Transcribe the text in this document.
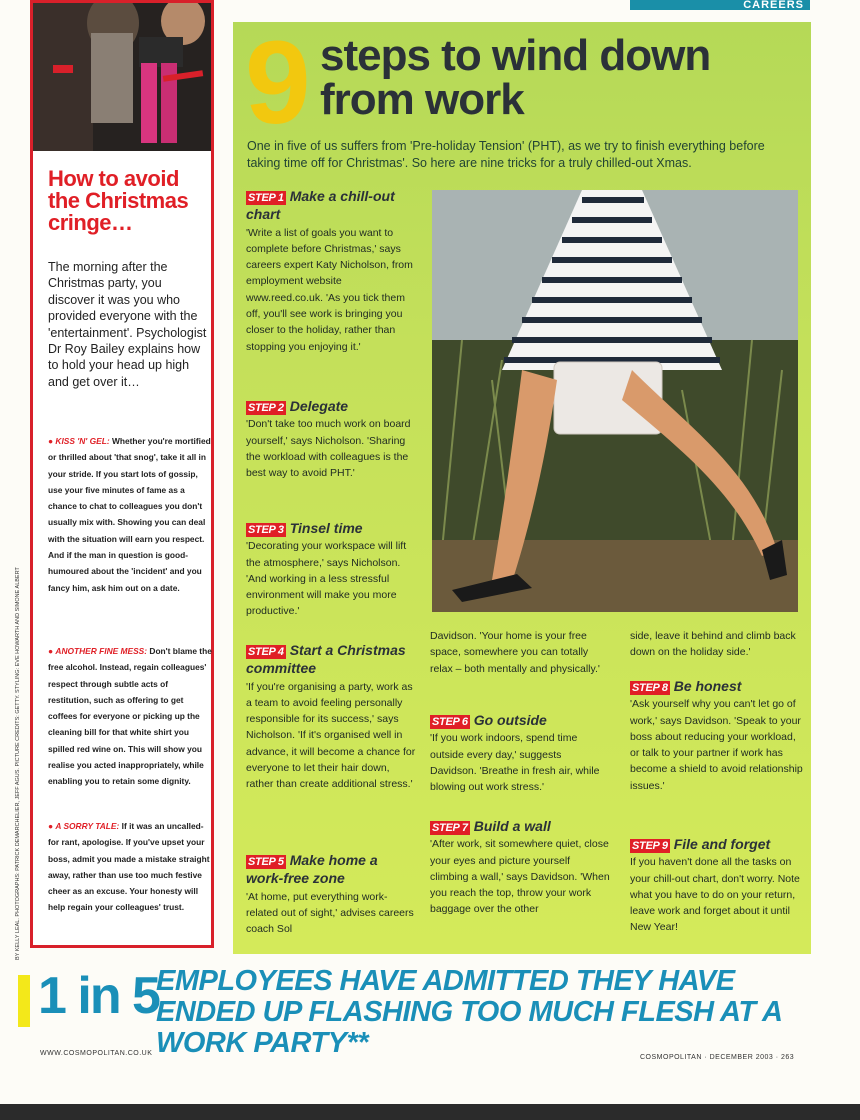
CAREERS
BY KELLY LEAL. PHOTOGRAPHS: PATRICK DEMARCHELIER, JEFF AGUS. PICTURE CREDITS: GETTY. STYLING: EVE HOWARTH AND SIMONE ALBERT
How to avoid the Christmas cringe…
The morning after the Christmas party, you discover it was you who provided everyone with the 'entertainment'. Psychologist Dr Roy Bailey explains how to hold your head up high and get over it…
● KISS 'N' GEL: Whether you're mortified or thrilled about 'that snog', take it all in your stride. If you start lots of gossip, use your five minutes of fame as a chance to chat to colleagues you don't usually mix with. Showing you can deal with the situation will earn you respect. And if the man in question is good-humoured about the 'incident' and you fancy him, ask him out on a date.
● ANOTHER FINE MESS: Don't blame the free alcohol. Instead, regain colleagues' respect through subtle acts of restitution, such as offering to get coffees for everyone or picking up the cleaning bill for that white shirt you spilled red wine on. This will show you realise you acted inappropriately, while enabling you to retain some dignity.
● A SORRY TALE: If it was an uncalled-for rant, apologise. If you've upset your boss, admit you made a mistake straight away, rather than use too much festive cheer as an excuse. Your honesty will help regain your colleagues' trust.
9 steps to wind down from work
One in five of us suffers from 'Pre-holiday Tension' (PHT), as we try to finish everything before taking time off for Christmas'. So here are nine tricks for a truly chilled-out Xmas.
STEP 1 Make a chill-out chart
'Write a list of goals you want to complete before Christmas,' says careers expert Katy Nicholson, from employment website www.reed.co.uk. 'As you tick them off, you'll see work is bringing you closer to the holiday, rather than stopping you enjoying it.'
STEP 2 Delegate
'Don't take too much work on board yourself,' says Nicholson. 'Sharing the workload with colleagues is the best way to avoid PHT.'
STEP 3 Tinsel time
'Decorating your workspace will lift the atmosphere,' says Nicholson. 'And working in a less stressful environment will make you more productive.'
STEP 4 Start a Christmas committee
'If you're organising a party, work as a team to avoid feeling personally responsible for its success,' says Nicholson. 'If it's organised well in advance, it will become a chance for everyone to let their hair down, rather than create additional stress.'
STEP 5 Make home a work-free zone
'At home, put everything work-related out of sight,' advises careers coach Sol
Davidson. 'Your home is your free space, somewhere you can totally relax – both mentally and physically.'
STEP 6 Go outside
'If you work indoors, spend time outside every day,' suggests Davidson. 'Breathe in fresh air, while blowing out work stress.'
STEP 7 Build a wall
'After work, sit somewhere quiet, close your eyes and picture yourself climbing a wall,' says Davidson. 'When you reach the top, throw your work baggage over the other
side, leave it behind and climb back down on the holiday side.'
STEP 8 Be honest
'Ask yourself why you can't let go of work,' says Davidson. 'Speak to your boss about reducing your workload, or talk to your partner if work has become a shield to avoid relationship issues.'
STEP 9 File and forget
If you haven't done all the tasks on your chill-out chart, don't worry. Note what you have to do on your return, leave work and forget about it until New Year!
1 in 5
EMPLOYEES HAVE ADMITTED THEY HAVE ENDED UP FLASHING TOO MUCH FLESH AT A WORK PARTY**
WWW.COSMOPOLITAN.CO.UK
COSMOPOLITAN · DECEMBER 2003 · 263
